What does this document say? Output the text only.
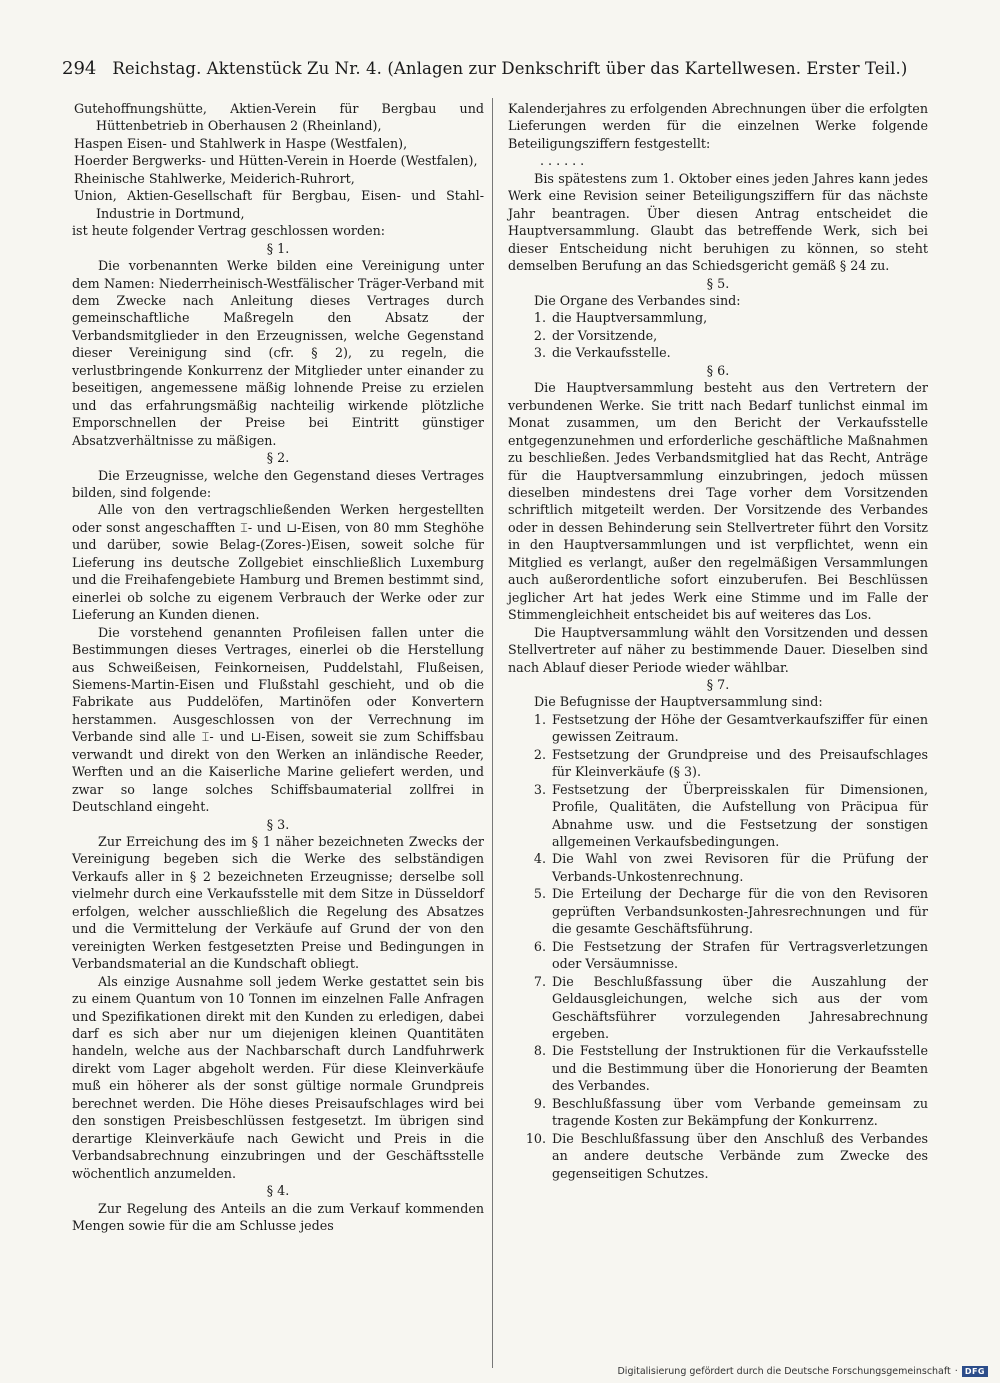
294 Reichstag. Aktenstück Zu Nr. 4. (Anlagen zur Denkschrift über das Kartellwesen. Erster Teil.)

Gutehoffnungshütte, Aktien-Verein für Bergbau und Hüttenbetrieb in Oberhausen 2 (Rheinland),

Haspen Eisen- und Stahlwerk in Haspe (Westfalen),

Hoerder Bergwerks- und Hütten-Verein in Hoerde (Westfalen),

Rheinische Stahlwerke, Meiderich-Ruhrort,

Union, Aktien-Gesellschaft für Bergbau, Eisen- und Stahl-Industrie in Dortmund,

ist heute folgender Vertrag geschlossen worden:

§ 1.

Die vorbenannten Werke bilden eine Vereinigung unter dem Namen: Niederrheinisch-Westfälischer Träger-Verband mit dem Zwecke nach Anleitung dieses Vertrages durch gemeinschaftliche Maßregeln den Absatz der Verbandsmitglieder in den Erzeugnissen, welche Gegenstand dieser Vereinigung sind (cfr. § 2), zu regeln, die verlustbringende Konkurrenz der Mitglieder unter einander zu beseitigen, angemessene mäßig lohnende Preise zu erzielen und das erfahrungsmäßig nachteilig wirkende plötzliche Emporschnellen der Preise bei Eintritt günstiger Absatzverhältnisse zu mäßigen.

§ 2.

Die Erzeugnisse, welche den Gegenstand dieses Vertrages bilden, sind folgende:

Alle von den vertragschließenden Werken hergestellten oder sonst angeschafften ⌶- und ⊔-Eisen, von 80 mm Steghöhe und darüber, sowie Belag-(Zores-)Eisen, soweit solche für Lieferung ins deutsche Zollgebiet einschließlich Luxemburg und die Freihafengebiete Hamburg und Bremen bestimmt sind, einerlei ob solche zu eigenem Verbrauch der Werke oder zur Lieferung an Kunden dienen.

Die vorstehend genannten Profileisen fallen unter die Bestimmungen dieses Vertrages, einerlei ob die Herstellung aus Schweißeisen, Feinkorneisen, Puddelstahl, Flußeisen, Siemens-Martin-Eisen und Flußstahl geschieht, und ob die Fabrikate aus Puddelöfen, Martinöfen oder Konvertern herstammen. Ausgeschlossen von der Verrechnung im Verbande sind alle ⌶- und ⊔-Eisen, soweit sie zum Schiffsbau verwandt und direkt von den Werken an inländische Reeder, Werften und an die Kaiserliche Marine geliefert werden, und zwar so lange solches Schiffsbaumaterial zollfrei in Deutschland eingeht.

§ 3.

Zur Erreichung des im § 1 näher bezeichneten Zwecks der Vereinigung begeben sich die Werke des selbständigen Verkaufs aller in § 2 bezeichneten Erzeugnisse; derselbe soll vielmehr durch eine Verkaufsstelle mit dem Sitze in Düsseldorf erfolgen, welcher ausschließlich die Regelung des Absatzes und die Vermittelung der Verkäufe auf Grund der von den vereinigten Werken festgesetzten Preise und Bedingungen in Verbandsmaterial an die Kundschaft obliegt.

Als einzige Ausnahme soll jedem Werke gestattet sein bis zu einem Quantum von 10 Tonnen im einzelnen Falle Anfragen und Spezifikationen direkt mit den Kunden zu erledigen, dabei darf es sich aber nur um diejenigen kleinen Quantitäten handeln, welche aus der Nachbarschaft durch Landfuhrwerk direkt vom Lager abgeholt werden. Für diese Kleinverkäufe muß ein höherer als der sonst gültige normale Grundpreis berechnet werden. Die Höhe dieses Preisaufschlages wird bei den sonstigen Preisbeschlüssen festgesetzt. Im übrigen sind derartige Kleinverkäufe nach Gewicht und Preis in die Verbandsabrechnung einzubringen und der Geschäftsstelle wöchentlich anzumelden.

§ 4.

Zur Regelung des Anteils an die zum Verkauf kommenden Mengen sowie für die am Schlusse jedes

Kalenderjahres zu erfolgenden Abrechnungen über die erfolgten Lieferungen werden für die einzelnen Werke folgende Beteiligungsziffern festgestellt:

......

Bis spätestens zum 1. Oktober eines jeden Jahres kann jedes Werk eine Revision seiner Beteiligungsziffern für das nächste Jahr beantragen. Über diesen Antrag entscheidet die Hauptversammlung. Glaubt das betreffende Werk, sich bei dieser Entscheidung nicht beruhigen zu können, so steht demselben Berufung an das Schiedsgericht gemäß § 24 zu.

§ 5.

Die Organe des Verbandes sind:

1. die Hauptversammlung,
2. der Vorsitzende,
3. die Verkaufsstelle.

§ 6.

Die Hauptversammlung besteht aus den Vertretern der verbundenen Werke. Sie tritt nach Bedarf tunlichst einmal im Monat zusammen, um den Bericht der Verkaufsstelle entgegenzunehmen und erforderliche geschäftliche Maßnahmen zu beschließen. Jedes Verbandsmitglied hat das Recht, Anträge für die Hauptversammlung einzubringen, jedoch müssen dieselben mindestens drei Tage vorher dem Vorsitzenden schriftlich mitgeteilt werden. Der Vorsitzende des Verbandes oder in dessen Behinderung sein Stellvertreter führt den Vorsitz in den Hauptversammlungen und ist verpflichtet, wenn ein Mitglied es verlangt, außer den regelmäßigen Versammlungen auch außerordentliche sofort einzuberufen. Bei Beschlüssen jeglicher Art hat jedes Werk eine Stimme und im Falle der Stimmengleichheit entscheidet bis auf weiteres das Los.

Die Hauptversammlung wählt den Vorsitzenden und dessen Stellvertreter auf näher zu bestimmende Dauer. Dieselben sind nach Ablauf dieser Periode wieder wählbar.

§ 7.

Die Befugnisse der Hauptversammlung sind:

1. Festsetzung der Höhe der Gesamtverkaufsziffer für einen gewissen Zeitraum.
2. Festsetzung der Grundpreise und des Preisaufschlages für Kleinverkäufe (§ 3).
3. Festsetzung der Überpreisskalen für Dimensionen, Profile, Qualitäten, die Aufstellung von Präcipua für Abnahme usw. und die Festsetzung der sonstigen allgemeinen Verkaufsbedingungen.
4. Die Wahl von zwei Revisoren für die Prüfung der Verbands-Unkostenrechnung.
5. Die Erteilung der Decharge für die von den Revisoren geprüften Verbandsunkosten-Jahresrechnungen und für die gesamte Geschäftsführung.
6. Die Festsetzung der Strafen für Vertragsverletzungen oder Versäumnisse.
7. Die Beschlußfassung über die Auszahlung der Geldausgleichungen, welche sich aus der vom Geschäftsführer vorzulegenden Jahresabrechnung ergeben.
8. Die Feststellung der Instruktionen für die Verkaufsstelle und die Bestimmung über die Honorierung der Beamten des Verbandes.
9. Beschlußfassung über vom Verbande gemeinsam zu tragende Kosten zur Bekämpfung der Konkurrenz.
10. Die Beschlußfassung über den Anschluß des Verbandes an andere deutsche Verbände zum Zwecke des gegenseitigen Schutzes.
Digitalisierung gefördert durch die Deutsche Forschungsgemeinschaft · DFG
